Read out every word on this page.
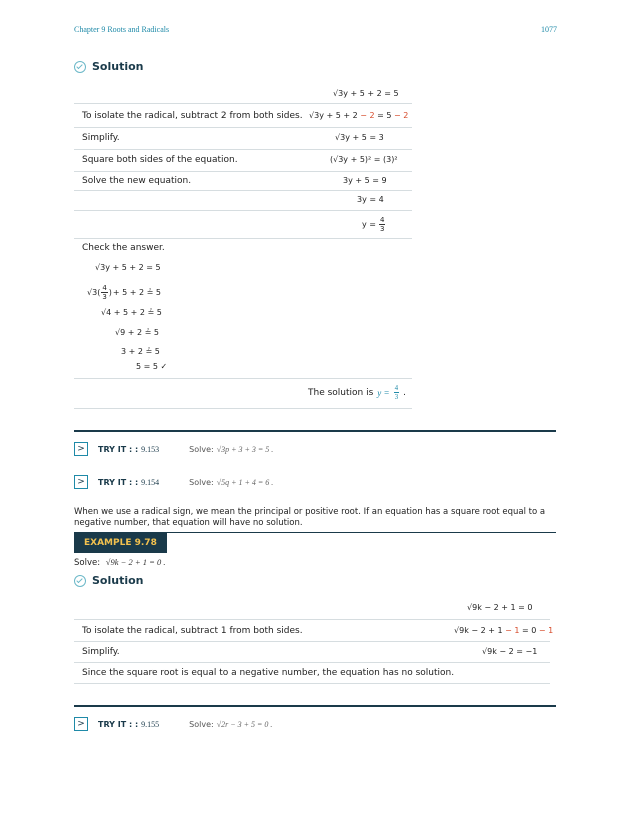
Chapter 9 Roots and Radicals	1077
Solution
√3y + 5 + 2 = 5
To isolate the radical, subtract 2 from both sides. √3y + 5 + 2 − 2 = 5 − 2
Simplify.	√3y + 5 = 3
Square both sides of the equation.	(√3y + 5)² = (3)²
Solve the new equation.	3y + 5 = 9
3y = 4
$y = \frac{4}{3}$
Check the answer.
√3y + 5 + 2 = 5
$√3( \frac{4}{3}$ ) + 5 + 2 ≟ 5
√4 + 5 + 2 ≟ 5
√9 + 2 ≟ 5
3 + 2 ≟ 5
5 = 5 ✓
The solution is $y = \frac{4}{3}$ .
>	TRY IT : : 9.153	Solve: √3p + 3 + 3 = 5 .
>	TRY IT : : 9.154	Solve: √5q + 1 + 4 = 6 .
When we use a radical sign, we mean the principal or positive root. If an equation has a square root equal to a negative number, that equation will have no solution.
EXAMPLE 9.78
Solve: √9k − 2 + 1 = 0 .
Solution
√9k − 2 + 1 = 0
To isolate the radical, subtract 1 from both sides.	√9k − 2 + 1 − 1 = 0 − 1
Simplify.	√9k − 2 = −1
Since the square root is equal to a negative number, the equation has no solution.
>	TRY IT : : 9.155	Solve: √2r − 3 + 5 = 0 .
